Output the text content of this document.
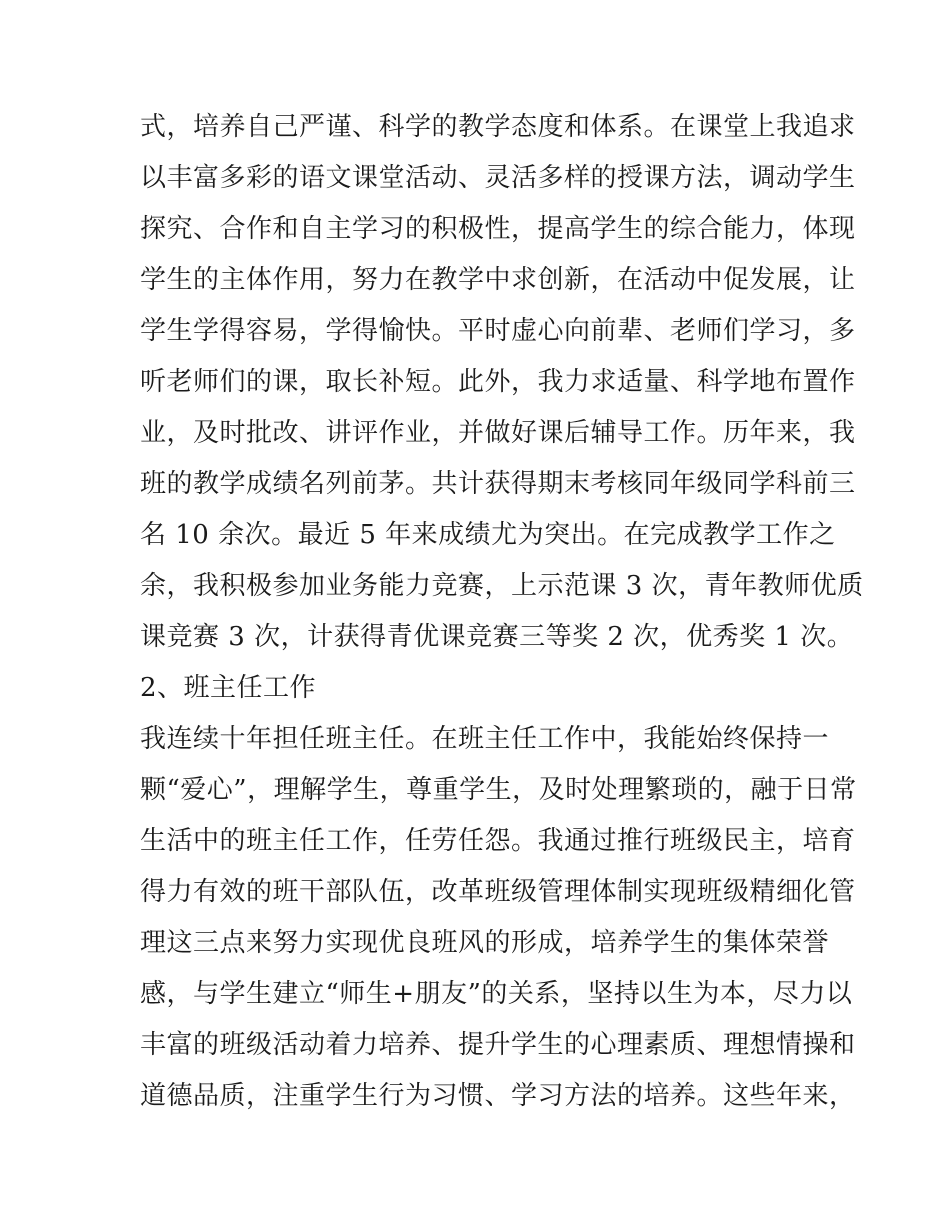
式，培养自己严谨、科学的教学态度和体系。在课堂上我追求
以丰富多彩的语文课堂活动、灵活多样的授课方法，调动学生
探究、合作和自主学习的积极性，提高学生的综合能力，体现
学生的主体作用，努力在教学中求创新，在活动中促发展，让
学生学得容易，学得愉快。平时虚心向前辈、老师们学习，多
听老师们的课，取长补短。此外，我力求适量、科学地布置作
业，及时批改、讲评作业，并做好课后辅导工作。历年来，我
班的教学成绩名列前茅。共计获得期末考核同年级同学科前三
名 10 余次。最近 5 年来成绩尤为突出。在完成教学工作之
余，我积极参加业务能力竞赛，上示范课 3 次，青年教师优质
课竞赛 3 次，计获得青优课竞赛三等奖 2 次，优秀奖 1 次。
2、班主任工作
我连续十年担任班主任。在班主任工作中，我能始终保持一
颗“爱心”，理解学生，尊重学生，及时处理繁琐的，融于日常
生活中的班主任工作，任劳任怨。我通过推行班级民主，培育
得力有效的班干部队伍，改革班级管理体制实现班级精细化管
理这三点来努力实现优良班风的形成，培养学生的集体荣誉
感，与学生建立“师生+朋友”的关系，坚持以生为本，尽力以
丰富的班级活动着力培养、提升学生的心理素质、理想情操和
道德品质，注重学生行为习惯、学习方法的培养。这些年来，
